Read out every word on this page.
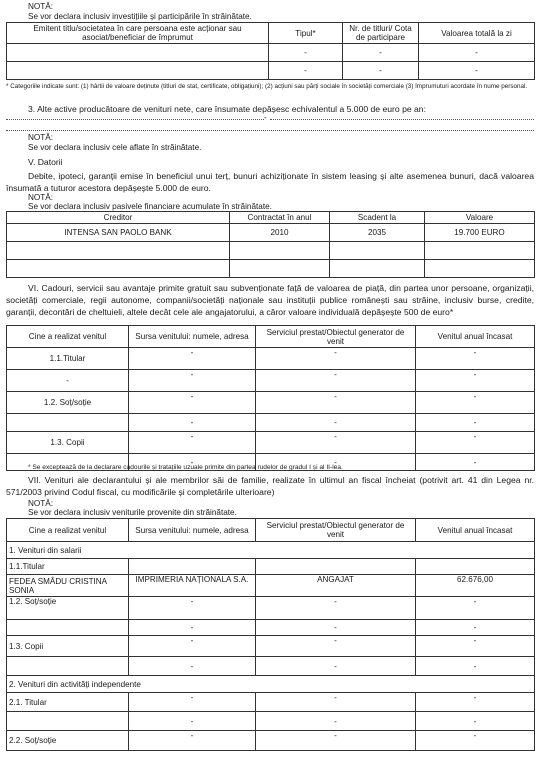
NOTĂ:
Se vor declara inclusiv investițiile și participările în străinătate.
Emitent titlu/societatea în care persoana este acționar sau asociat/beneficiar de împrumut	Tipul*	Nr. de titluri/ Cota de participare	Valoarea totală la zi
	-	-	-
	-	-	-
* Categoriile indicate sunt: (1) hârtii de valoare deținute (titluri de stat, certificate, obligațiuni); (2) acțiuni sau părți sociale în societăți comerciale (3) împrumuturi acordate în nume personal.
3. Alte active producătoare de venituri nete, care însumate depășesc echivalentul a 5.000 de euro pe an:
-
NOTĂ:
Se vor declara inclusiv cele aflate în străinătate.
V. Datorii
Debite, ipoteci, garanții emise în beneficiul unui terț, bunuri achiziționate în sistem leasing și alte asemenea bunuri, dacă valoarea însumată a tuturor acestora depășește 5.000 de euro.
NOTĂ:
Se vor declara inclusiv pasivele financiare acumulate în străinătate.
Creditor	Contractat în anul	Scadent la	Valoare
INTENSA SAN PAOLO BANK	2010	2035	19.700 EURO

VI. Cadouri, servicii sau avantaje primite gratuit sau subvenționate față de valoarea de piață, din partea unor persoane, organizații, societăți comerciale, regii autonome, companii/societăți naționale sau instituții publice românești sau străine, inclusiv burse, credite, garanții, decontări de cheltuieli, altele decât cele ale angajatorului, a căror valoare individuală depășește 500 de euro*
Cine a realizat venitul	Sursa venitului: numele, adresa	Serviciul prestat/Obiectul generator de venit	Venitul anual încasat
1.1.Titular	-	-	-
-	-	-	-
1.2. Soț/soție	-	-	-
	-	-	-
1.3. Copii	-	-	-
	-	-	-
* Se exceptează de la declarare cadourile și tratațiile uzuale primite din partea rudelor de gradul I și al II-lea.
VII. Venituri ale declarantului și ale membrilor săi de familie, realizate în ultimul an fiscal încheiat (potrivit art. 41 din Legea nr. 571/2003 privind Codul fiscal, cu modificările și completările ulterioare)
NOTĂ:
Se vor declara inclusiv veniturile provenite din străinătate.
Cine a realizat venitul	Sursa venitului: numele, adresa	Serviciul prestat/Obiectul generator de venit	Venitul anual încasat
1. Venituri din salarii			
1.1.Titular			
FEDEA SMÂDU CRISTINA SONIA	IMPRIMERIA NAȚIONALA S.A.	ANGAJAT	62.676,00
1.2. Soț/soție	-	-	-
	-	-	-
1.3. Copii	-	-	-
	-	-	-
2. Venituri din activități independente			
2.1. Titular	-	-	-
	-	-	-
2.2. Soț/soție	-	-	-
